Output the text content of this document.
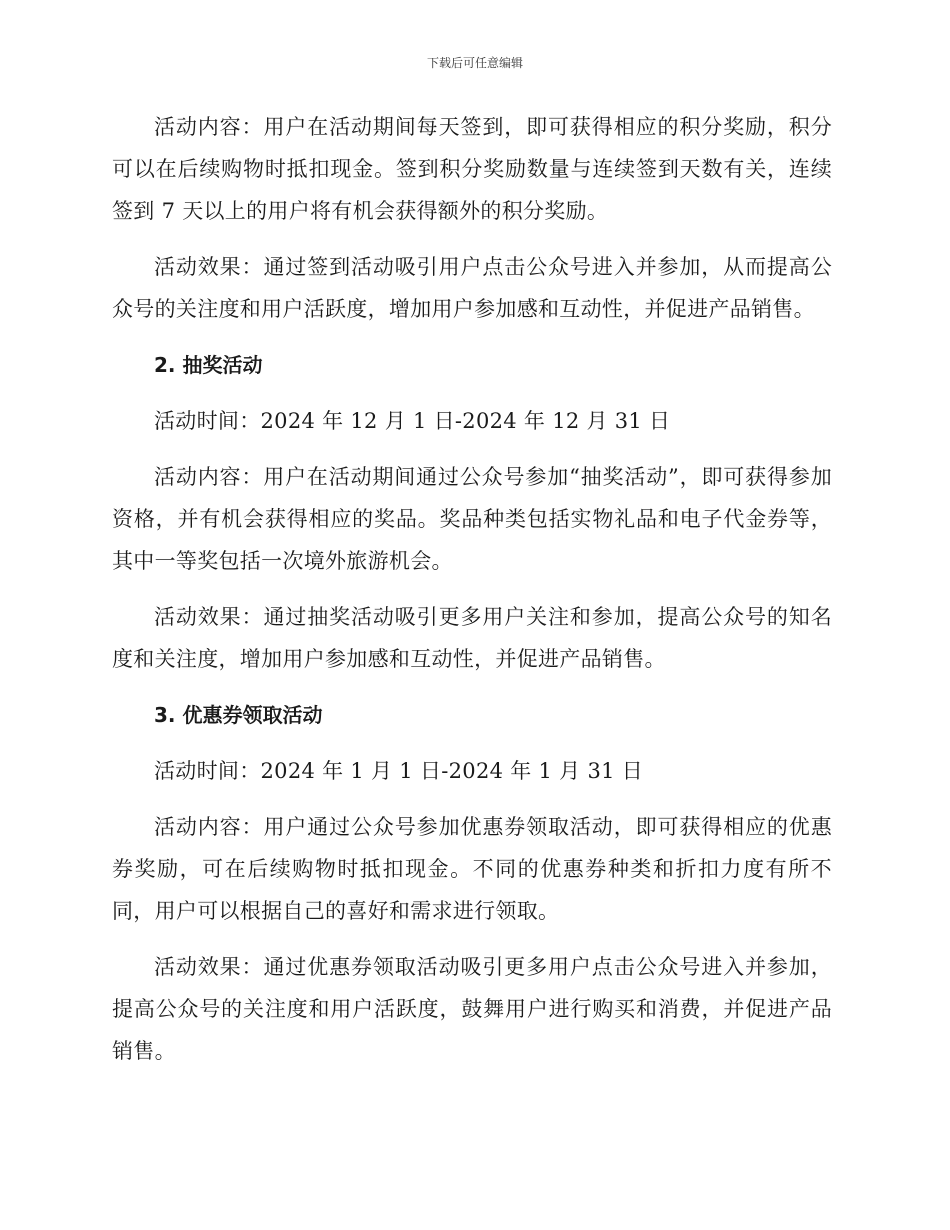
下载后可任意编辑

活动内容：用户在活动期间每天签到，即可获得相应的积分奖励，积分可以在后续购物时抵扣现金。签到积分奖励数量与连续签到天数有关，连续签到 7 天以上的用户将有机会获得额外的积分奖励。

活动效果：通过签到活动吸引用户点击公众号进入并参加，从而提高公众号的关注度和用户活跃度，增加用户参加感和互动性，并促进产品销售。

2. 抽奖活动

活动时间：2024 年 12 月 1 日-2024 年 12 月 31 日

活动内容：用户在活动期间通过公众号参加“抽奖活动”，即可获得参加资格，并有机会获得相应的奖品。奖品种类包括实物礼品和电子代金券等，其中一等奖包括一次境外旅游机会。

活动效果：通过抽奖活动吸引更多用户关注和参加，提高公众号的知名度和关注度，增加用户参加感和互动性，并促进产品销售。

3. 优惠券领取活动

活动时间：2024 年 1 月 1 日-2024 年 1 月 31 日

活动内容：用户通过公众号参加优惠券领取活动，即可获得相应的优惠券奖励，可在后续购物时抵扣现金。不同的优惠券种类和折扣力度有所不同，用户可以根据自己的喜好和需求进行领取。

活动效果：通过优惠券领取活动吸引更多用户点击公众号进入并参加，提高公众号的关注度和用户活跃度，鼓舞用户进行购买和消费，并促进产品销售。
